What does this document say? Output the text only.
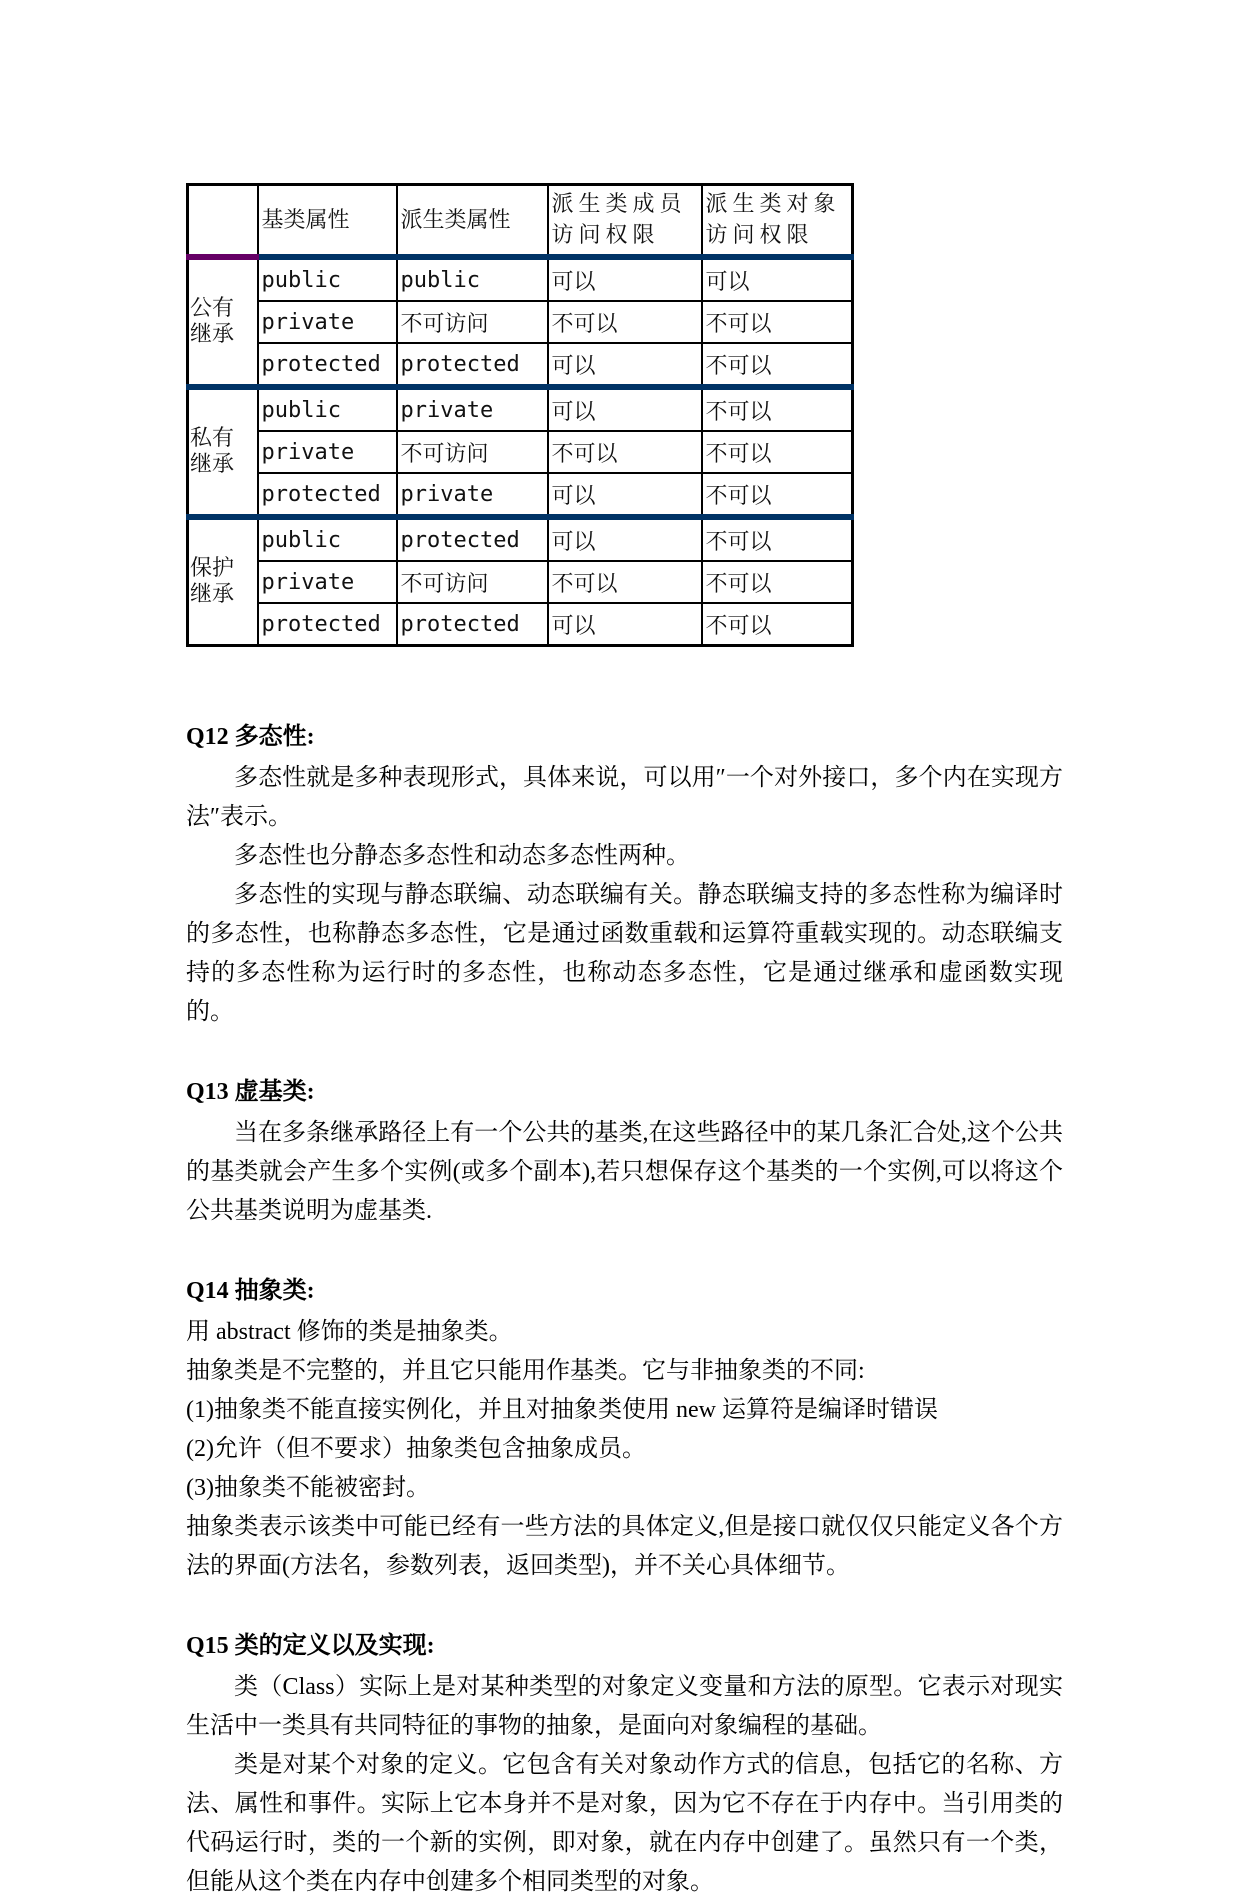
	基类属性	派生类属性	派生类成员访问权限	派生类对象访问权限
公有继承	public	public	可以	可以
	private	不可访问	不可以	不可以
	protected	protected	可以	不可以
私有继承	public	private	可以	不可以
	private	不可访问	不可以	不可以
	protected	private	可以	不可以
保护继承	public	protected	可以	不可以
	private	不可访问	不可以	不可以
	protected	protected	可以	不可以
Q12 多态性:

多态性就是多种表现形式，具体来说，可以用″一个对外接口，多个内在实现方法″表示。

多态性也分静态多态性和动态多态性两种。

多态性的实现与静态联编、动态联编有关。静态联编支持的多态性称为编译时的多态性，也称静态多态性，它是通过函数重载和运算符重载实现的。动态联编支持的多态性称为运行时的多态性，也称动态多态性，它是通过继承和虚函数实现的。

Q13 虚基类:

当在多条继承路径上有一个公共的基类,在这些路径中的某几条汇合处,这个公共的基类就会产生多个实例(或多个副本),若只想保存这个基类的一个实例,可以将这个公共基类说明为虚基类.

Q14 抽象类:

用 abstract 修饰的类是抽象类。

抽象类是不完整的，并且它只能用作基类。它与非抽象类的不同:

(1)抽象类不能直接实例化，并且对抽象类使用 new 运算符是编译时错误

(2)允许（但不要求）抽象类包含抽象成员。

(3)抽象类不能被密封。

抽象类表示该类中可能已经有一些方法的具体定义,但是接口就仅仅只能定义各个方法的界面(方法名，参数列表，返回类型)，并不关心具体细节。

Q15 类的定义以及实现:

类（Class）实际上是对某种类型的对象定义变量和方法的原型。它表示对现实生活中一类具有共同特征的事物的抽象，是面向对象编程的基础。

类是对某个对象的定义。它包含有关对象动作方式的信息，包括它的名称、方法、属性和事件。实际上它本身并不是对象，因为它不存在于内存中。当引用类的代码运行时，类的一个新的实例，即对象，就在内存中创建了。虽然只有一个类，但能从这个类在内存中创建多个相同类型的对象。
